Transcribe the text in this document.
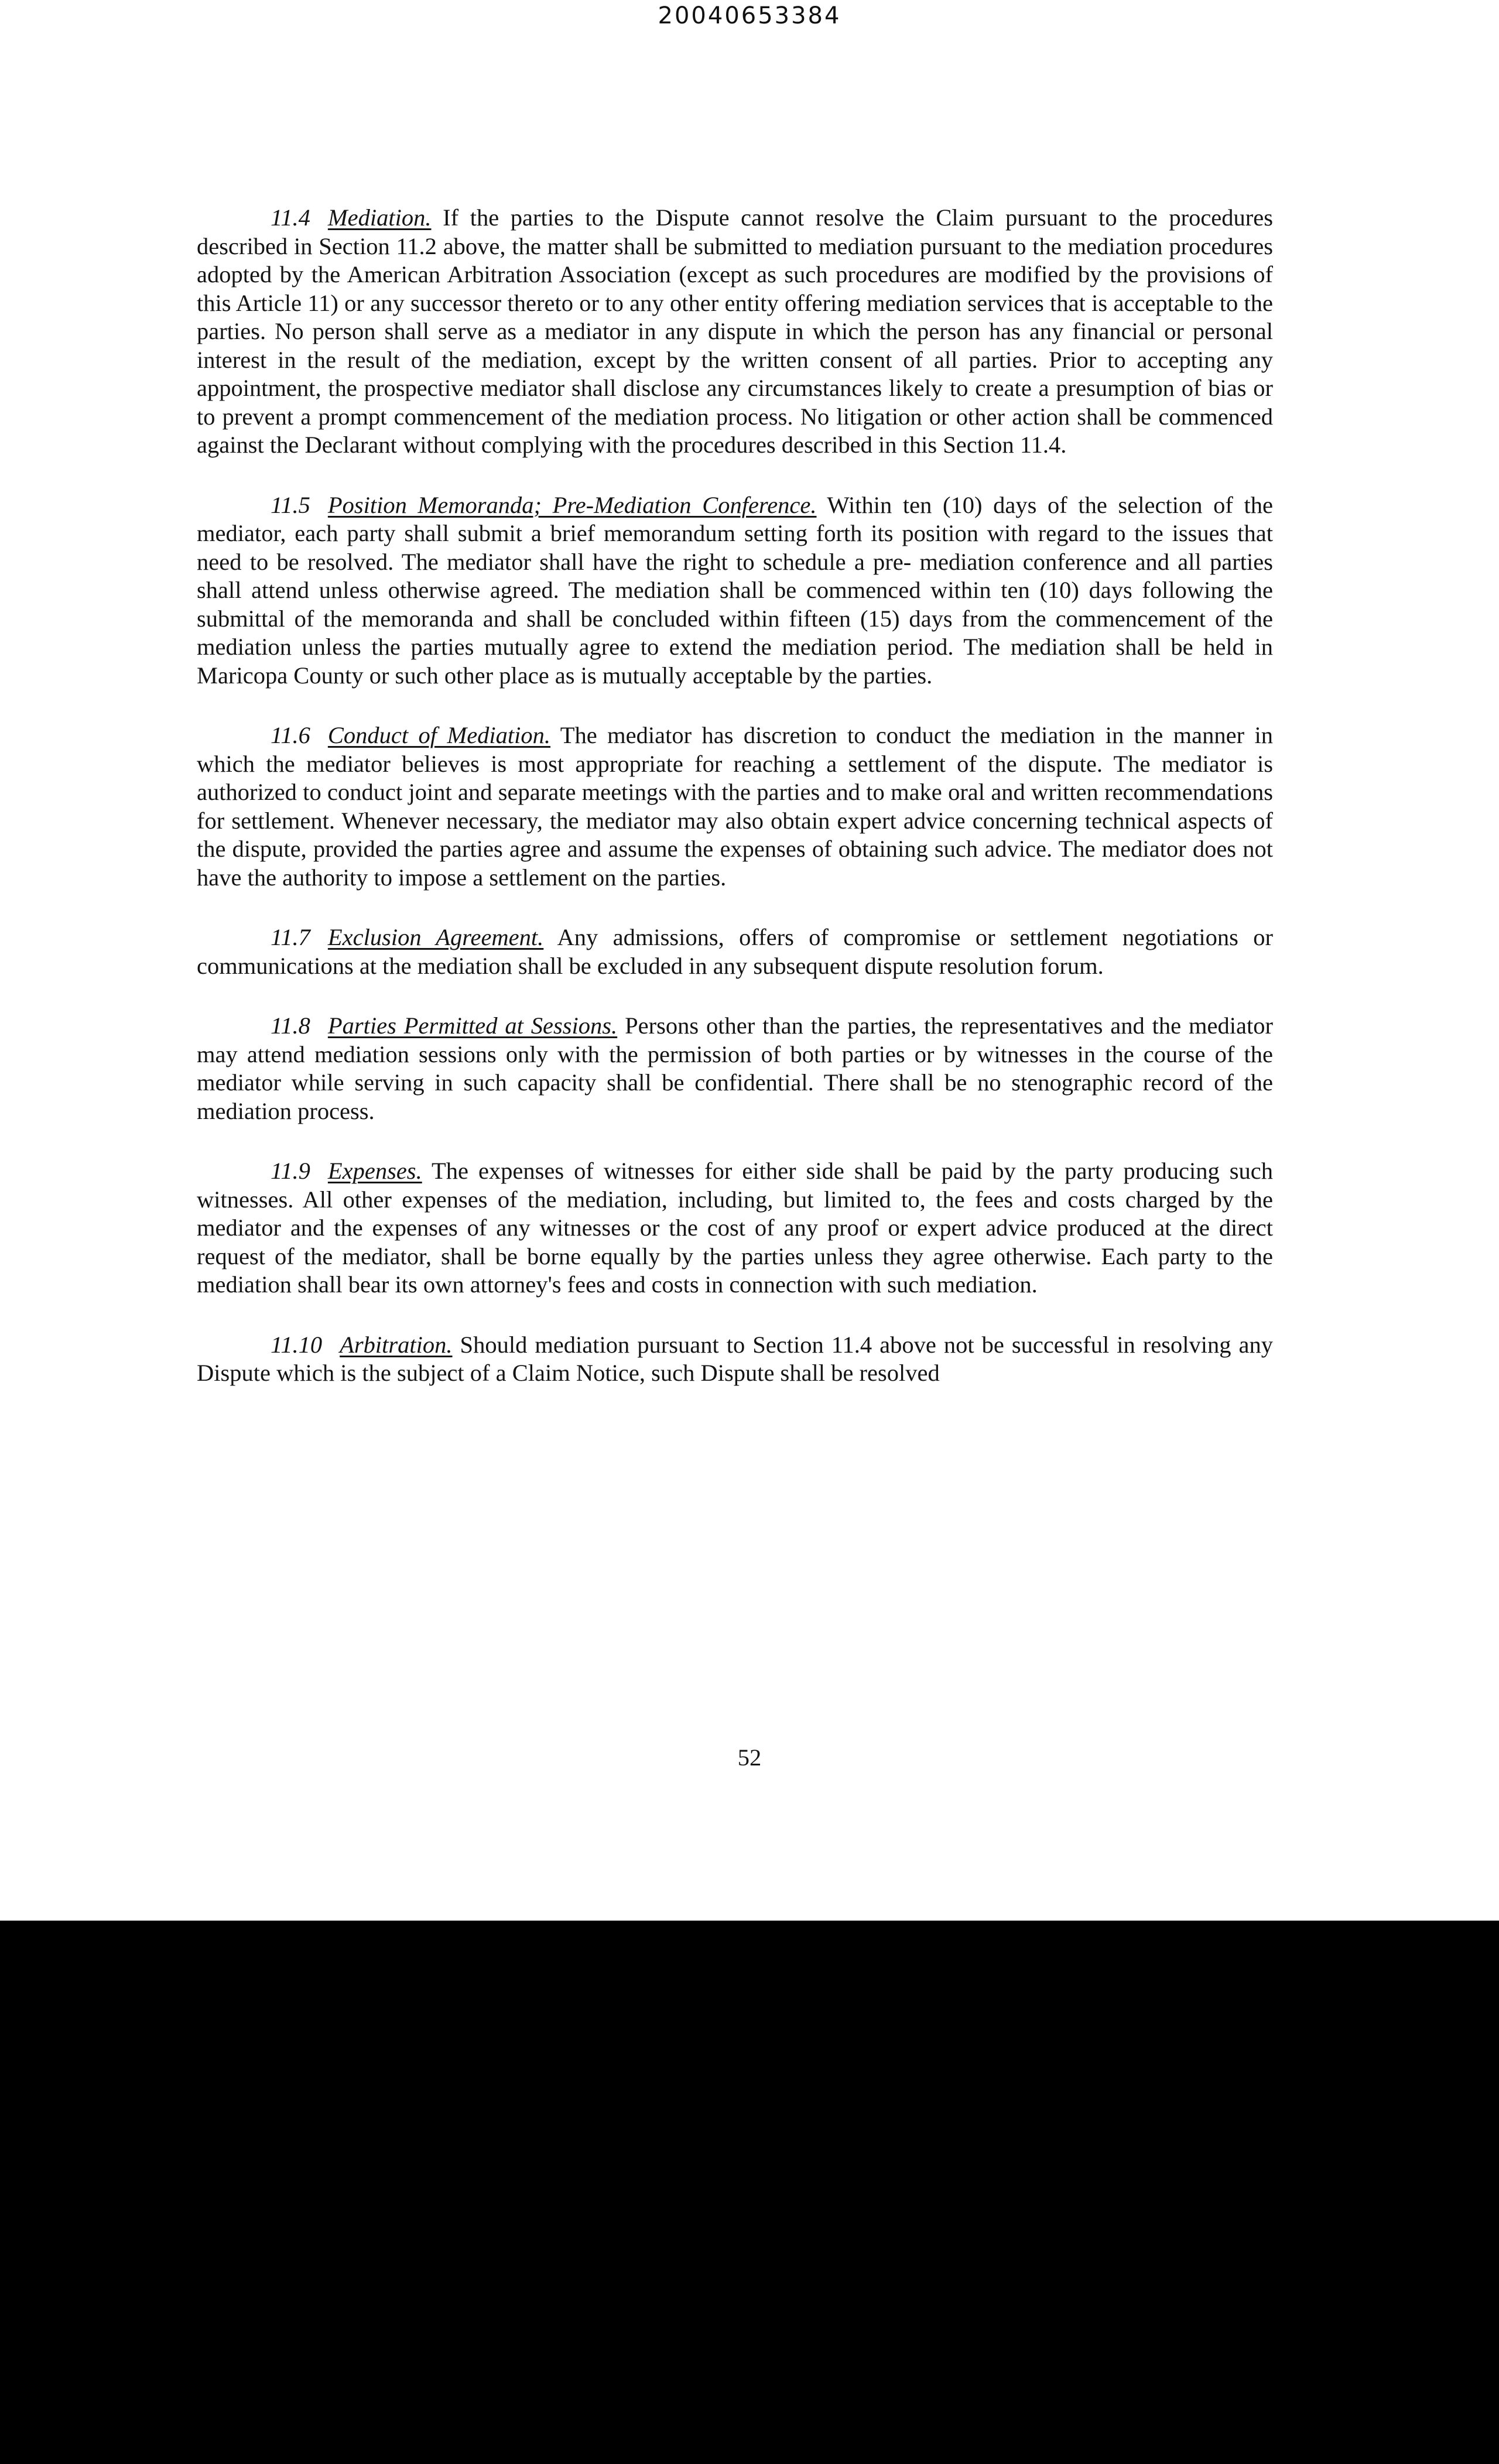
20040653384

11.4 Mediation. If the parties to the Dispute cannot resolve the Claim pursuant to the procedures described in Section 11.2 above, the matter shall be submitted to mediation pursuant to the mediation procedures adopted by the American Arbitration Association (except as such procedures are modified by the provisions of this Article 11) or any successor thereto or to any other entity offering mediation services that is acceptable to the parties. No person shall serve as a mediator in any dispute in which the person has any financial or personal interest in the result of the mediation, except by the written consent of all parties. Prior to accepting any appointment, the prospective mediator shall disclose any circumstances likely to create a presumption of bias or to prevent a prompt commencement of the mediation process. No litigation or other action shall be commenced against the Declarant without complying with the procedures described in this Section 11.4.

11.5 Position Memoranda; Pre-Mediation Conference. Within ten (10) days of the selection of the mediator, each party shall submit a brief memorandum setting forth its position with regard to the issues that need to be resolved. The mediator shall have the right to schedule a pre- mediation conference and all parties shall attend unless otherwise agreed. The mediation shall be commenced within ten (10) days following the submittal of the memoranda and shall be concluded within fifteen (15) days from the commencement of the mediation unless the parties mutually agree to extend the mediation period. The mediation shall be held in Maricopa County or such other place as is mutually acceptable by the parties.

11.6 Conduct of Mediation. The mediator has discretion to conduct the mediation in the manner in which the mediator believes is most appropriate for reaching a settlement of the dispute. The mediator is authorized to conduct joint and separate meetings with the parties and to make oral and written recommendations for settlement. Whenever necessary, the mediator may also obtain expert advice concerning technical aspects of the dispute, provided the parties agree and assume the expenses of obtaining such advice. The mediator does not have the authority to impose a settlement on the parties.

11.7 Exclusion Agreement. Any admissions, offers of compromise or settlement negotiations or communications at the mediation shall be excluded in any subsequent dispute resolution forum.

11.8 Parties Permitted at Sessions. Persons other than the parties, the representatives and the mediator may attend mediation sessions only with the permission of both parties or by witnesses in the course of the mediator while serving in such capacity shall be confidential. There shall be no stenographic record of the mediation process.

11.9 Expenses. The expenses of witnesses for either side shall be paid by the party producing such witnesses. All other expenses of the mediation, including, but limited to, the fees and costs charged by the mediator and the expenses of any witnesses or the cost of any proof or expert advice produced at the direct request of the mediator, shall be borne equally by the parties unless they agree otherwise. Each party to the mediation shall bear its own attorney's fees and costs in connection with such mediation.

11.10 Arbitration. Should mediation pursuant to Section 11.4 above not be successful in resolving any Dispute which is the subject of a Claim Notice, such Dispute shall be resolved

52
